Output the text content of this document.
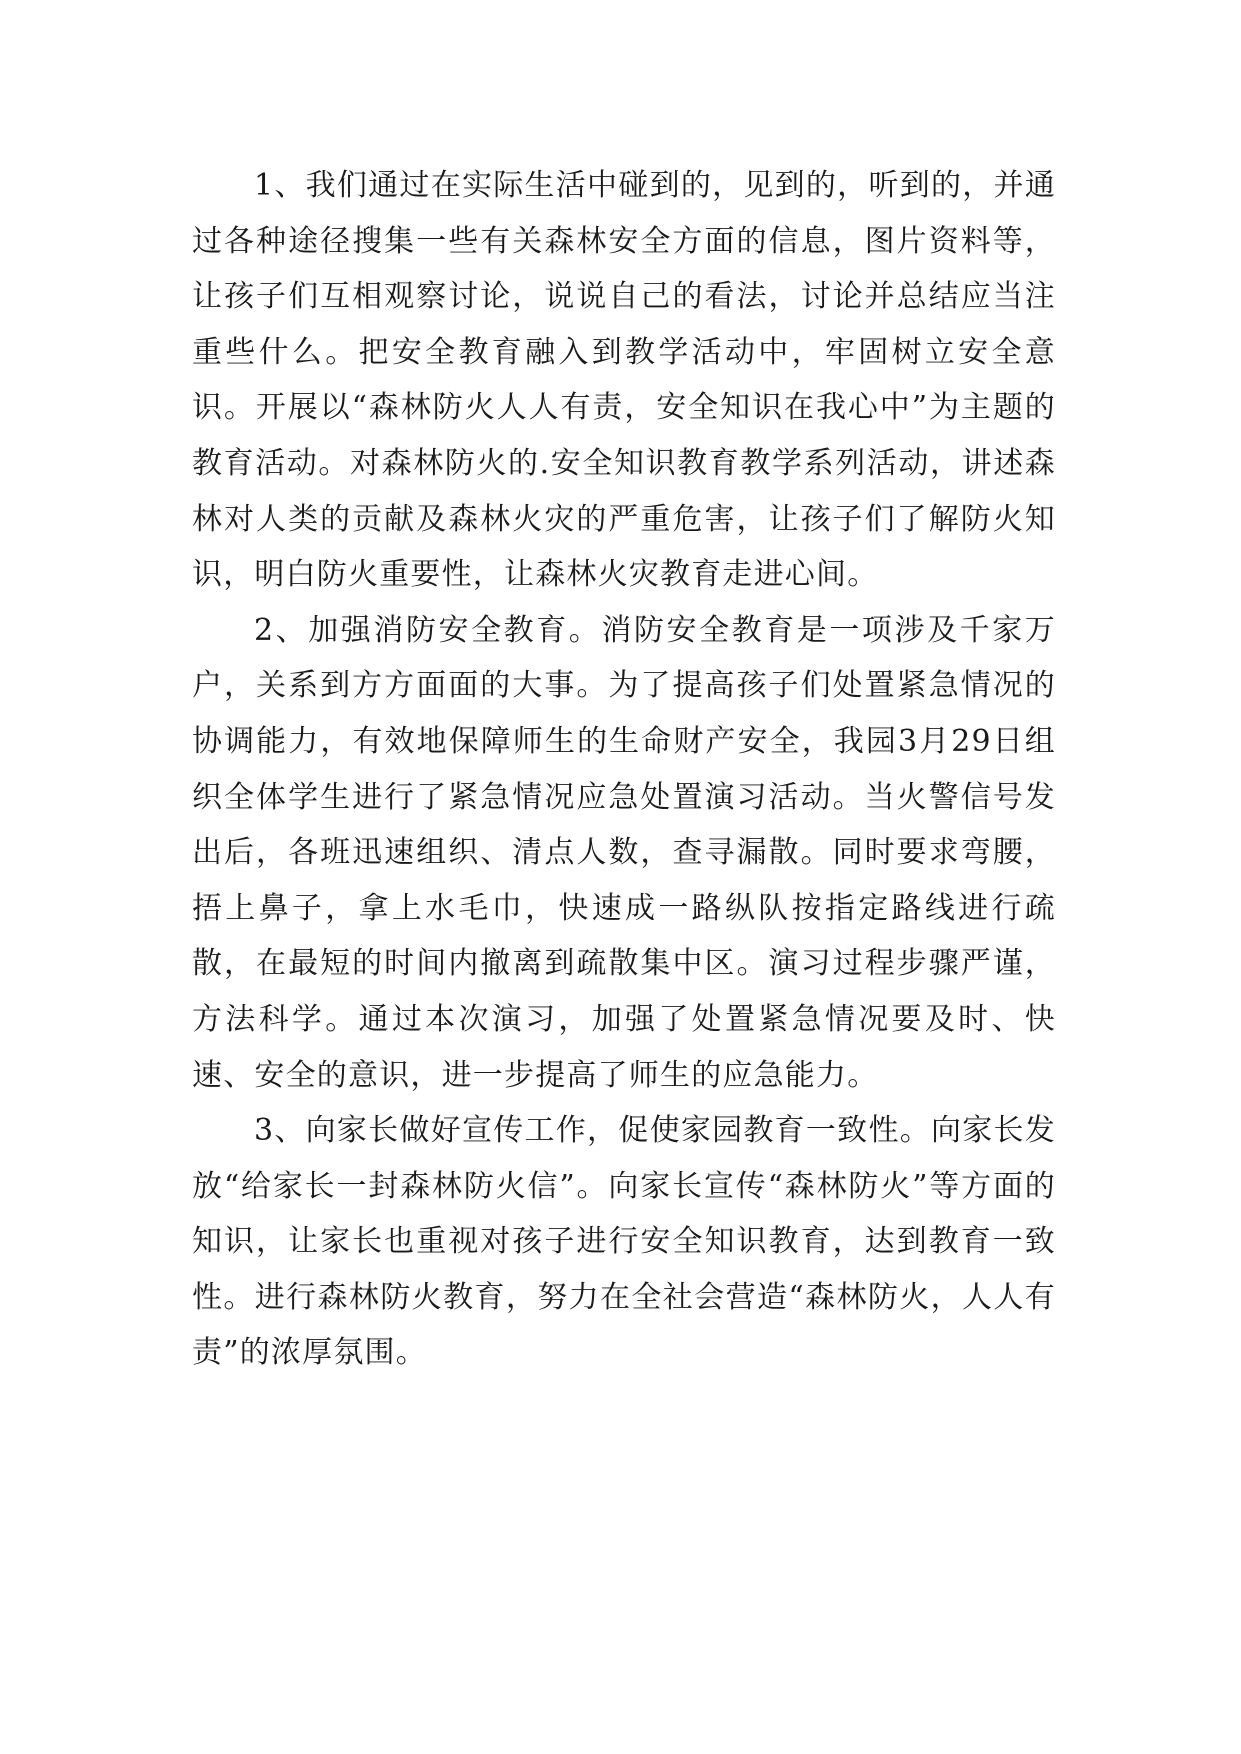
1、我们通过在实际生活中碰到的，见到的，听到的，并通过各种途径搜集一些有关森林安全方面的信息，图片资料等，让孩子们互相观察讨论，说说自己的看法，讨论并总结应当注重些什么。把安全教育融入到教学活动中，牢固树立安全意识。开展以“森林防火人人有责，安全知识在我心中”为主题的教育活动。对森林防火的.安全知识教育教学系列活动，讲述森林对人类的贡献及森林火灾的严重危害，让孩子们了解防火知识，明白防火重要性，让森林火灾教育走进心间。

2、加强消防安全教育。消防安全教育是一项涉及千家万户，关系到方方面面的大事。为了提高孩子们处置紧急情况的协调能力，有效地保障师生的生命财产安全，我园3月29日组织全体学生进行了紧急情况应急处置演习活动。当火警信号发出后，各班迅速组织、清点人数，查寻漏散。同时要求弯腰，捂上鼻子，拿上水毛巾，快速成一路纵队按指定路线进行疏散，在最短的时间内撤离到疏散集中区。演习过程步骤严谨，方法科学。通过本次演习，加强了处置紧急情况要及时、快速、安全的意识，进一步提高了师生的应急能力。

3、向家长做好宣传工作，促使家园教育一致性。向家长发放“给家长一封森林防火信”。向家长宣传“森林防火”等方面的知识，让家长也重视对孩子进行安全知识教育，达到教育一致性。进行森林防火教育，努力在全社会营造“森林防火，人人有责”的浓厚氛围。
